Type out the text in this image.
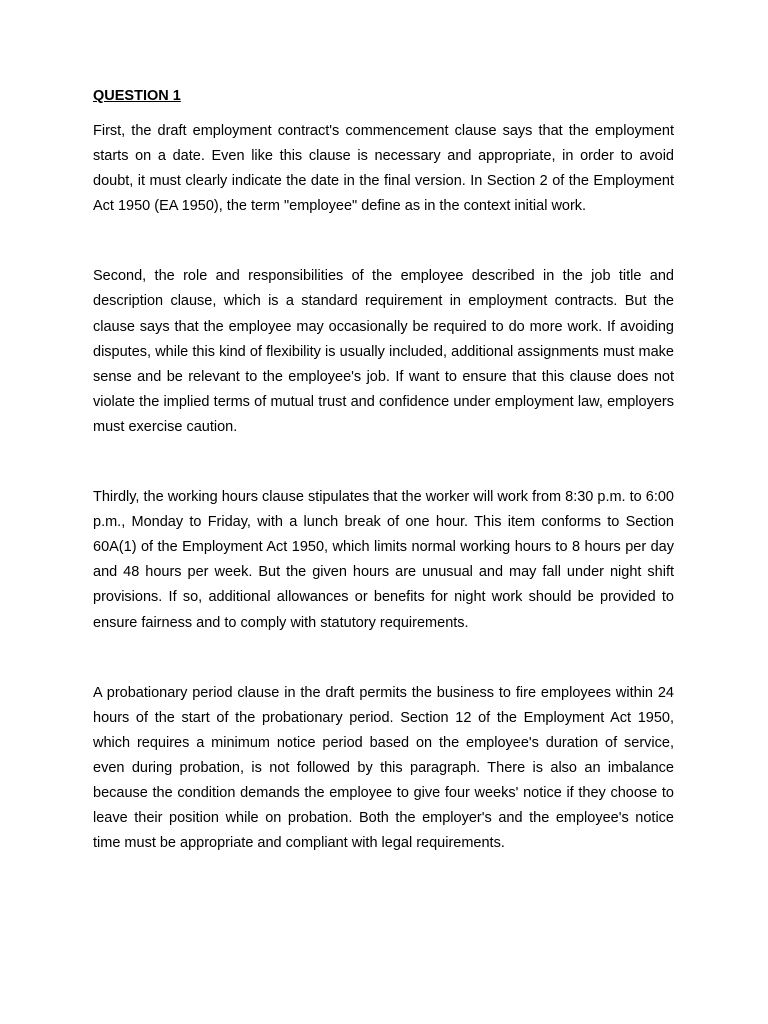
QUESTION 1

First, the draft employment contract's commencement clause says that the employment starts on a date. Even like this clause is necessary and appropriate, in order to avoid doubt, it must clearly indicate the date in the final version. In Section 2 of the Employment Act 1950 (EA 1950), the term "employee" define as in the context initial work.

Second, the role and responsibilities of the employee described in the job title and description clause, which is a standard requirement in employment contracts. But the clause says that the employee may occasionally be required to do more work. If avoiding disputes, while this kind of flexibility is usually included, additional assignments must make sense and be relevant to the employee's job. If want to ensure that this clause does not violate the implied terms of mutual trust and confidence under employment law, employers must exercise caution.

Thirdly, the working hours clause stipulates that the worker will work from 8:30 p.m. to 6:00 p.m., Monday to Friday, with a lunch break of one hour. This item conforms to Section 60A(1) of the Employment Act 1950, which limits normal working hours to 8 hours per day and 48 hours per week. But the given hours are unusual and may fall under night shift provisions. If so, additional allowances or benefits for night work should be provided to ensure fairness and to comply with statutory requirements.

A probationary period clause in the draft permits the business to fire employees within 24 hours of the start of the probationary period. Section 12 of the Employment Act 1950, which requires a minimum notice period based on the employee's duration of service, even during probation, is not followed by this paragraph. There is also an imbalance because the condition demands the employee to give four weeks' notice if they choose to leave their position while on probation. Both the employer's and the employee's notice time must be appropriate and compliant with legal requirements.
